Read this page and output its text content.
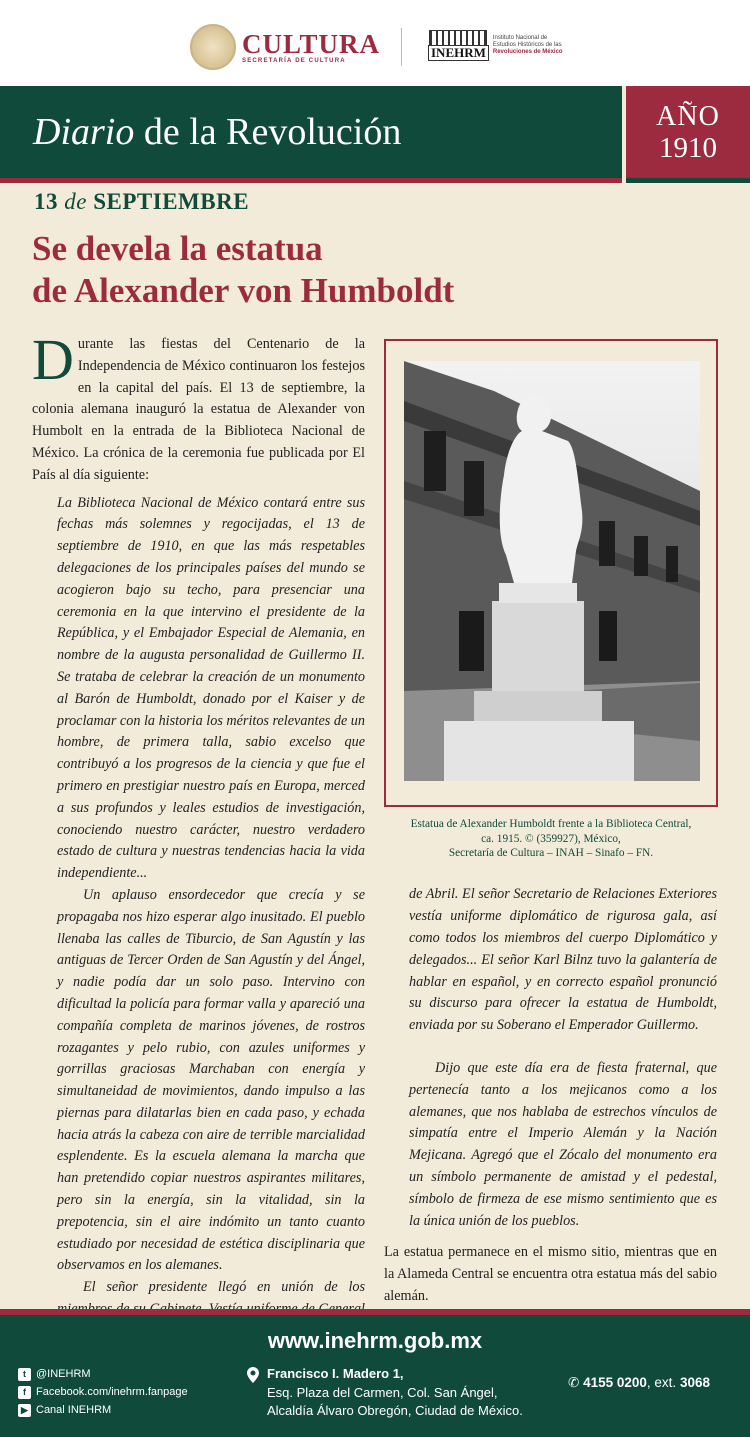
CULTURA
SECRETARÍA DE CULTURA
INEHRM
Instituto Nacional de
Estudios Históricos de las
Revoluciones de México
Diario de la Revolución	AÑO
1910
13 de SEPTIEMBRE
Se devela la estatua
de Alexander von Humboldt

Durante las fiestas del Centenario de la Independencia de México continuaron los festejos en la capital del país. El 13 de septiembre, la colonia alemana inauguró la estatua de Alexander von Humbolt en la entrada de la Biblioteca Nacional de México. La crónica de la ceremonia fue publicada por El País al día siguiente:

La Biblioteca Nacional de México contará entre sus fechas más solemnes y regocijadas, el 13 de septiembre de 1910, en que las más respetables delegaciones de los principales países del mundo se acogieron bajo su techo, para presenciar una ceremonia en la que intervino el presidente de la República, y el Embajador Especial de Alemania, en nombre de la augusta personalidad de Guillermo II. Se trataba de celebrar la creación de un monumento al Barón de Humboldt, donado por el Kaiser y de proclamar con la historia los méritos relevantes de un hombre, de primera talla, sabio excelso que contribuyó a los progresos de la ciencia y que fue el primero en prestigiar nuestro país en Europa, merced a sus profundos y leales estudios de investigación, conociendo nuestro carácter, nuestro verdadero estado de cultura y nuestras tendencias hacia la vida independiente...

Un aplauso ensordecedor que crecía y se propagaba nos hizo esperar algo inusitado. El pueblo llenaba las calles de Tiburcio, de San Agustín y las antiguas de Tercer Orden de San Agustín y del Ángel, y nadie podía dar un solo paso. Intervino con dificultad la policía para formar valla y apareció una compañía completa de marinos jóvenes, de rostros rozagantes y pelo rubio, con azules uniformes y gorrillas graciosas Marchaban con energía y simultaneidad de movimientos, dando impulso a las piernas para dilatarlas bien en cada paso, y echada hacia atrás la cabeza con aire de terrible marcialidad esplendente. Es la escuela alemana la marcha que han pretendido copiar nuestros aspirantes militares, pero sin la energía, sin la vitalidad, sin la prepotencia, sin el aire indómito un tanto cuanto estudiado por necesidad de estética disciplinaria que observamos en los alemanes.

El señor presidente llegó en unión de los

Estatua de Alexander Humboldt frente a la Biblioteca Central,
ca. 1915. © (359927), México,
Secretaría de Cultura – INAH – Sinafo – FN.

de Abril. El señor Secretario de Relaciones Exteriores vestía uniforme diplomático de rigurosa gala, así como todos los miembros del cuerpo Diplomático y delegados... El señor Karl Bilnz tuvo la galantería de hablar en español, y en correcto español pronunció su discurso para ofrecer la estatua de Humboldt, enviada por su Soberano el Emperador Guillermo.

Dijo que este día era de fiesta fraternal, que pertenecía tanto a los mejicanos como a los alemanes, que nos hablaba de estrechos vínculos de simpatía entre el Imperio Alemán y la Nación Mejicana. Agregó que el Zócalo del monumento era un símbolo permanente de amistad y el pedestal, símbolo de firmeza de ese mismo sentimiento que es la única unión de los pueblos.

La estatua permanece en el mismo sitio, mientras que en la Alameda Central se encuentra otra estatua más del sabio alemán.

www.inehrm.gob.mx
t @INEHRM
f Facebook.com/inehrm.fanpage
▶ Canal INEHRM
Francisco I. Madero 1,
Esq. Plaza del Carmen, Col. San Ángel,
Alcaldía Álvaro Obregón, Ciudad de México.
✆ 4155 0200, ext. 3068
